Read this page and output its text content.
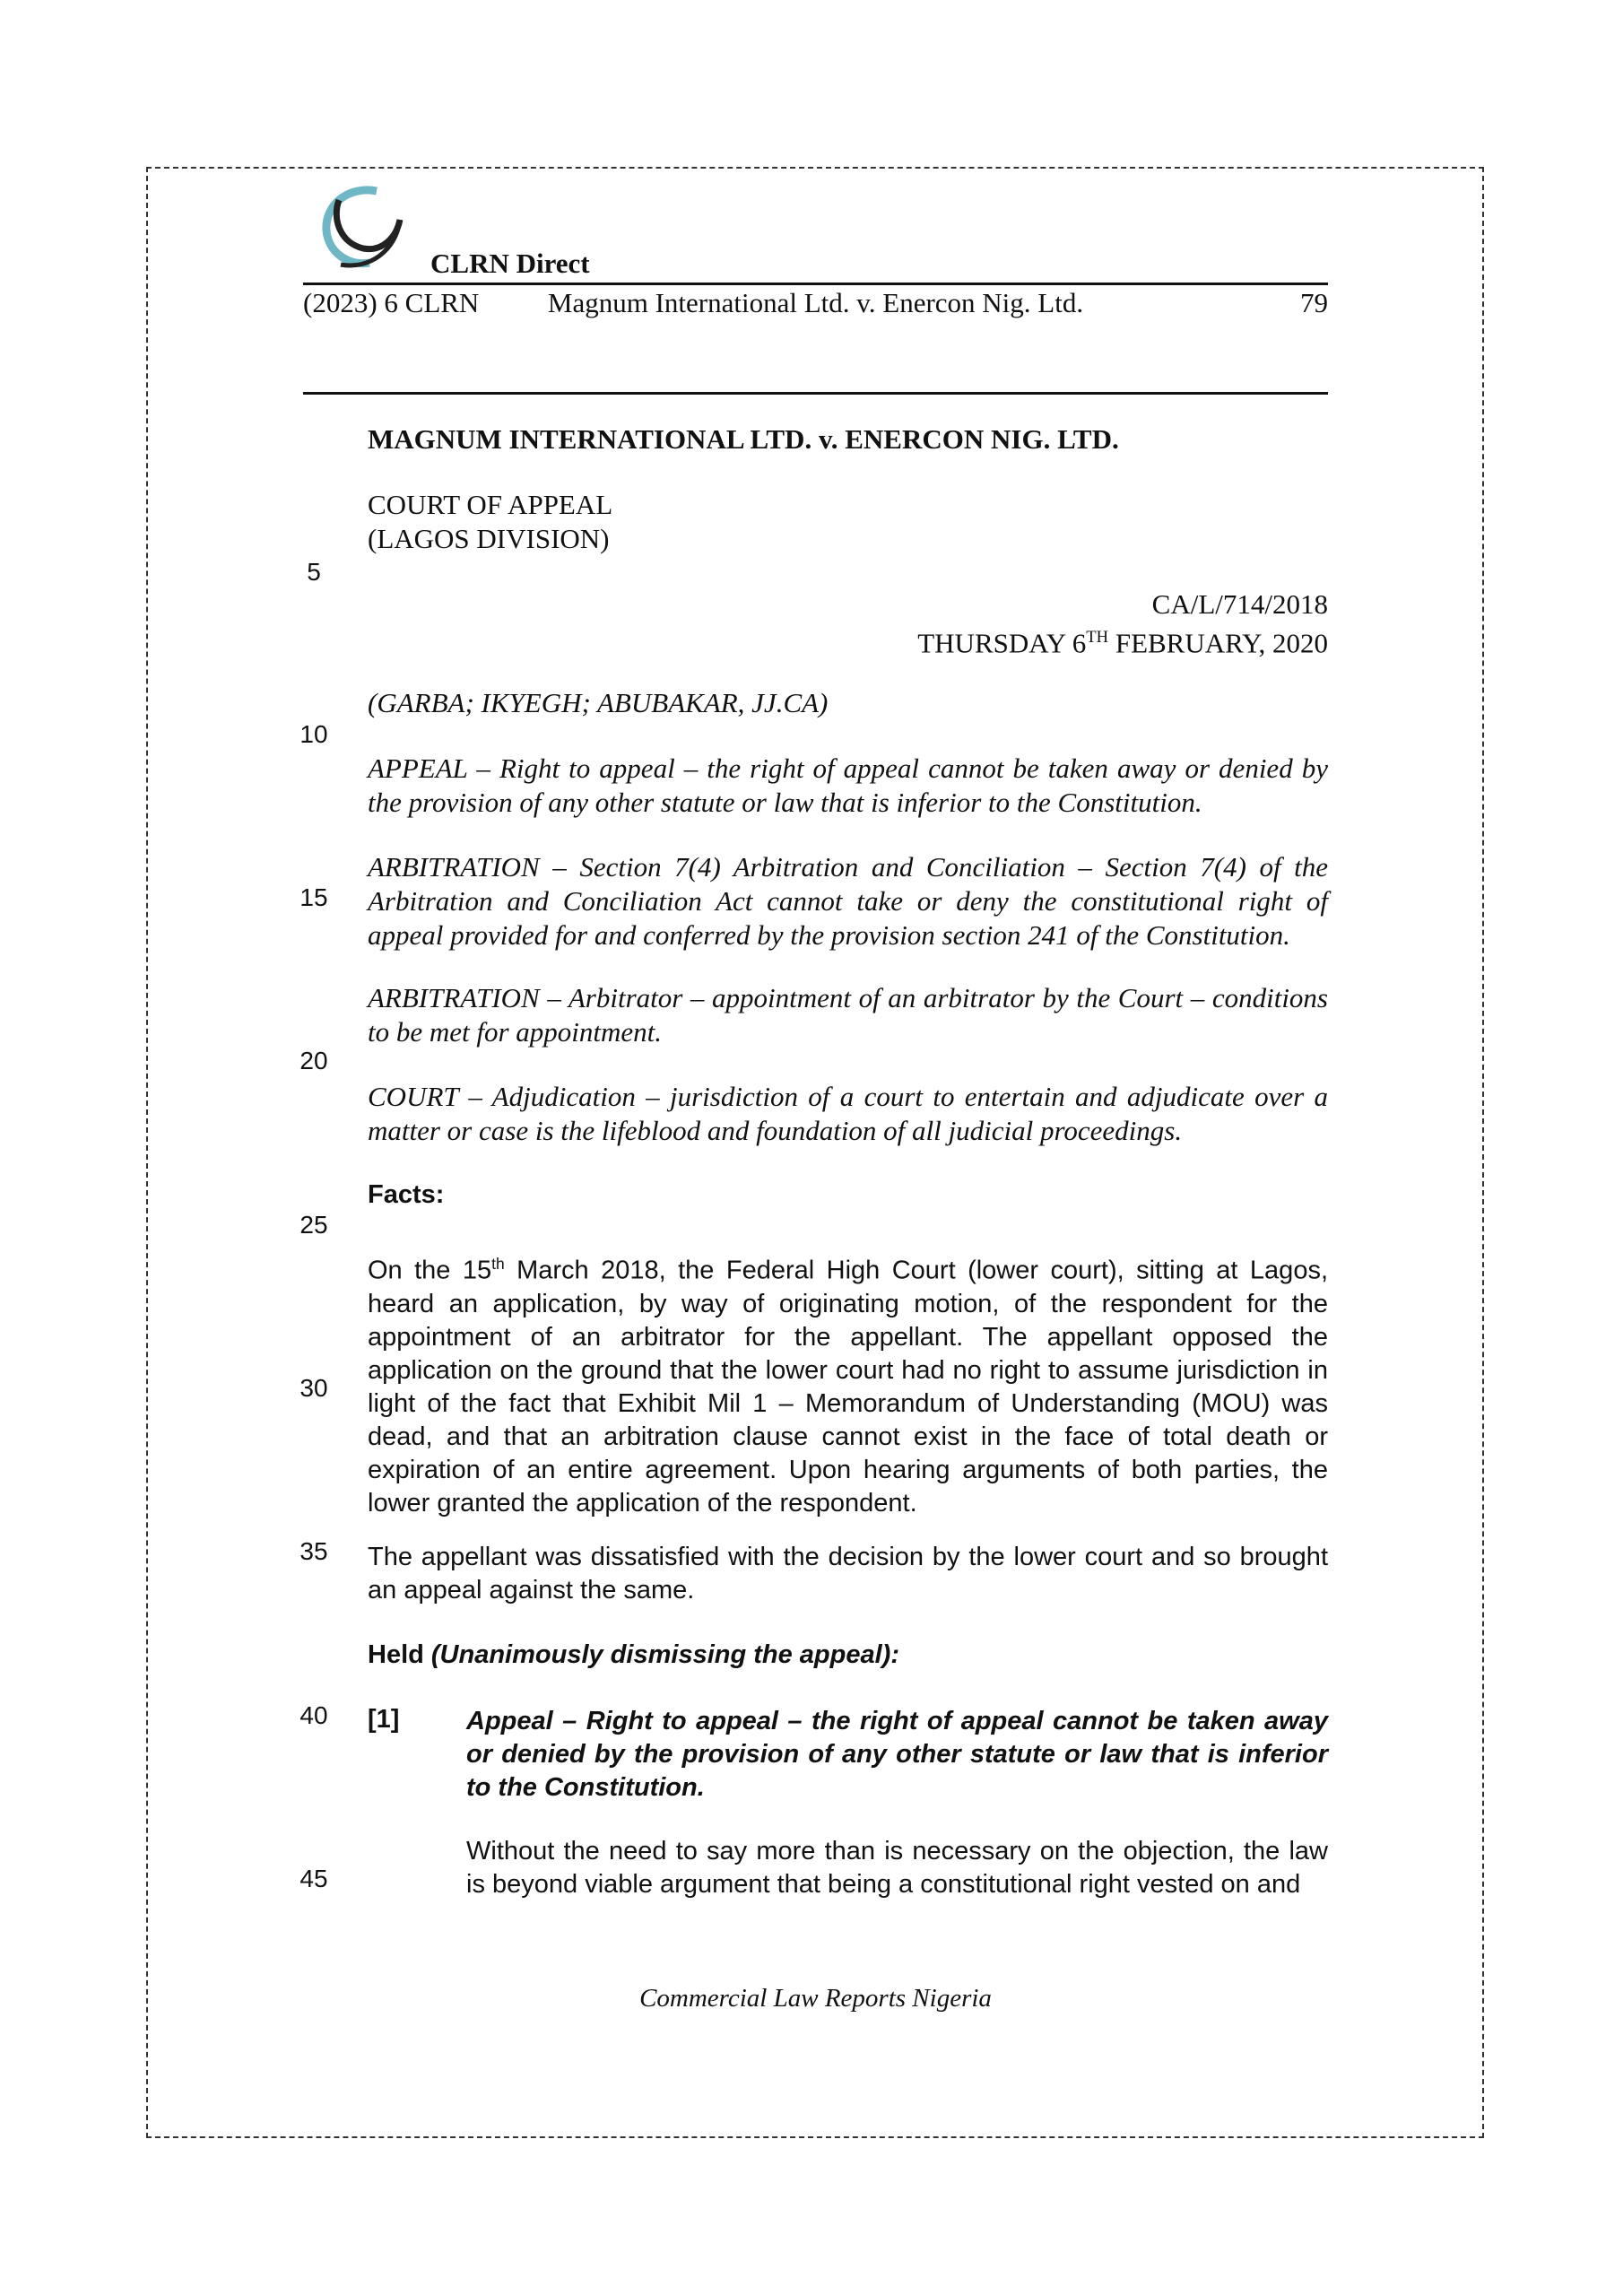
CLRN Direct
(2023) 6 CLRN	Magnum International Ltd. v. Enercon Nig. Ltd.	79
5
10
15
20
25
30
35
40
45
MAGNUM INTERNATIONAL LTD. v. ENERCON NIG. LTD.
COURT OF APPEAL
(LAGOS DIVISION)
CA/L/714/2018
THURSDAY 6TH FEBRUARY, 2020
(GARBA; IKYEGH; ABUBAKAR, JJ.CA)
APPEAL – Right to appeal – the right of appeal cannot be taken away or denied by the provision of any other statute or law that is inferior to the Constitution.
ARBITRATION – Section 7(4) Arbitration and Conciliation – Section 7(4) of the Arbitration and Conciliation Act cannot take or deny the constitutional right of appeal provided for and conferred by the provision section 241 of the Constitution.
ARBITRATION – Arbitrator – appointment of an arbitrator by the Court – conditions to be met for appointment.
COURT – Adjudication – jurisdiction of a court to entertain and adjudicate over a matter or case is the lifeblood and foundation of all judicial proceedings.
Facts:
On the 15th March 2018, the Federal High Court (lower court), sitting at Lagos, heard an application, by way of originating motion, of the respondent for the appointment of an arbitrator for the appellant. The appellant opposed the application on the ground that the lower court had no right to assume jurisdiction in light of the fact that Exhibit Mil 1 – Memorandum of Understanding (MOU) was dead, and that an arbitration clause cannot exist in the face of total death or expiration of an entire agreement. Upon hearing arguments of both parties, the lower granted the application of the respondent.
The appellant was dissatisfied with the decision by the lower court and so brought an appeal against the same.
Held (Unanimously dismissing the appeal):
[1]	Appeal – Right to appeal – the right of appeal cannot be taken away or denied by the provision of any other statute or law that is inferior to the Constitution.
Without the need to say more than is necessary on the objection, the law is beyond viable argument that being a constitutional right vested on and
Commercial Law Reports Nigeria
